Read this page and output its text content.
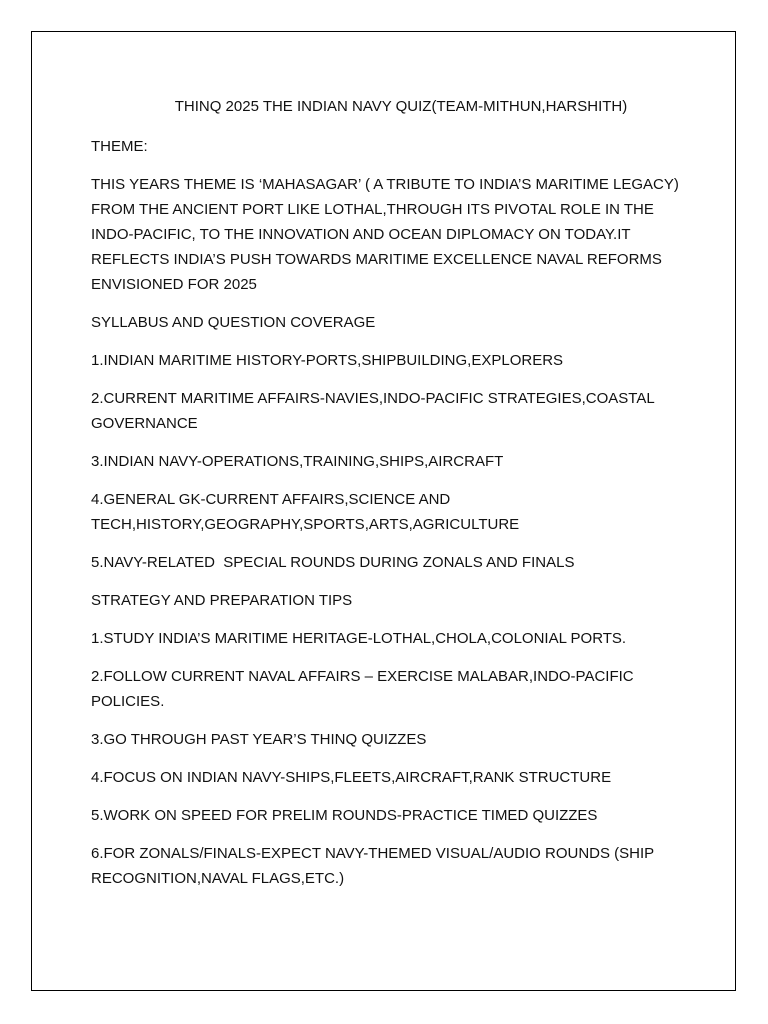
THINQ 2025 THE INDIAN NAVY QUIZ(TEAM-MITHUN,HARSHITH)

THEME:

THIS YEARS THEME IS ‘MAHASAGAR’ ( A TRIBUTE TO INDIA’S MARITIME LEGACY) FROM THE ANCIENT PORT LIKE LOTHAL,THROUGH ITS PIVOTAL ROLE IN THE INDO-PACIFIC, TO THE INNOVATION AND OCEAN DIPLOMACY ON TODAY.IT REFLECTS INDIA’S PUSH TOWARDS MARITIME EXCELLENCE NAVAL REFORMS ENVISIONED FOR 2025

SYLLABUS AND QUESTION COVERAGE

1.INDIAN MARITIME HISTORY-PORTS,SHIPBUILDING,EXPLORERS

2.CURRENT MARITIME AFFAIRS-NAVIES,INDO-PACIFIC STRATEGIES,COASTAL GOVERNANCE

3.INDIAN NAVY-OPERATIONS,TRAINING,SHIPS,AIRCRAFT

4.GENERAL GK-CURRENT AFFAIRS,SCIENCE AND TECH,HISTORY,GEOGRAPHY,SPORTS,ARTS,AGRICULTURE

5.NAVY-RELATED  SPECIAL ROUNDS DURING ZONALS AND FINALS

STRATEGY AND PREPARATION TIPS

1.STUDY INDIA’S MARITIME HERITAGE-LOTHAL,CHOLA,COLONIAL PORTS.

2.FOLLOW CURRENT NAVAL AFFAIRS – EXERCISE MALABAR,INDO-PACIFIC POLICIES.

3.GO THROUGH PAST YEAR’S THINQ QUIZZES

4.FOCUS ON INDIAN NAVY-SHIPS,FLEETS,AIRCRAFT,RANK STRUCTURE

5.WORK ON SPEED FOR PRELIM ROUNDS-PRACTICE TIMED QUIZZES

6.FOR ZONALS/FINALS-EXPECT NAVY-THEMED VISUAL/AUDIO ROUNDS (SHIP RECOGNITION,NAVAL FLAGS,ETC.)
